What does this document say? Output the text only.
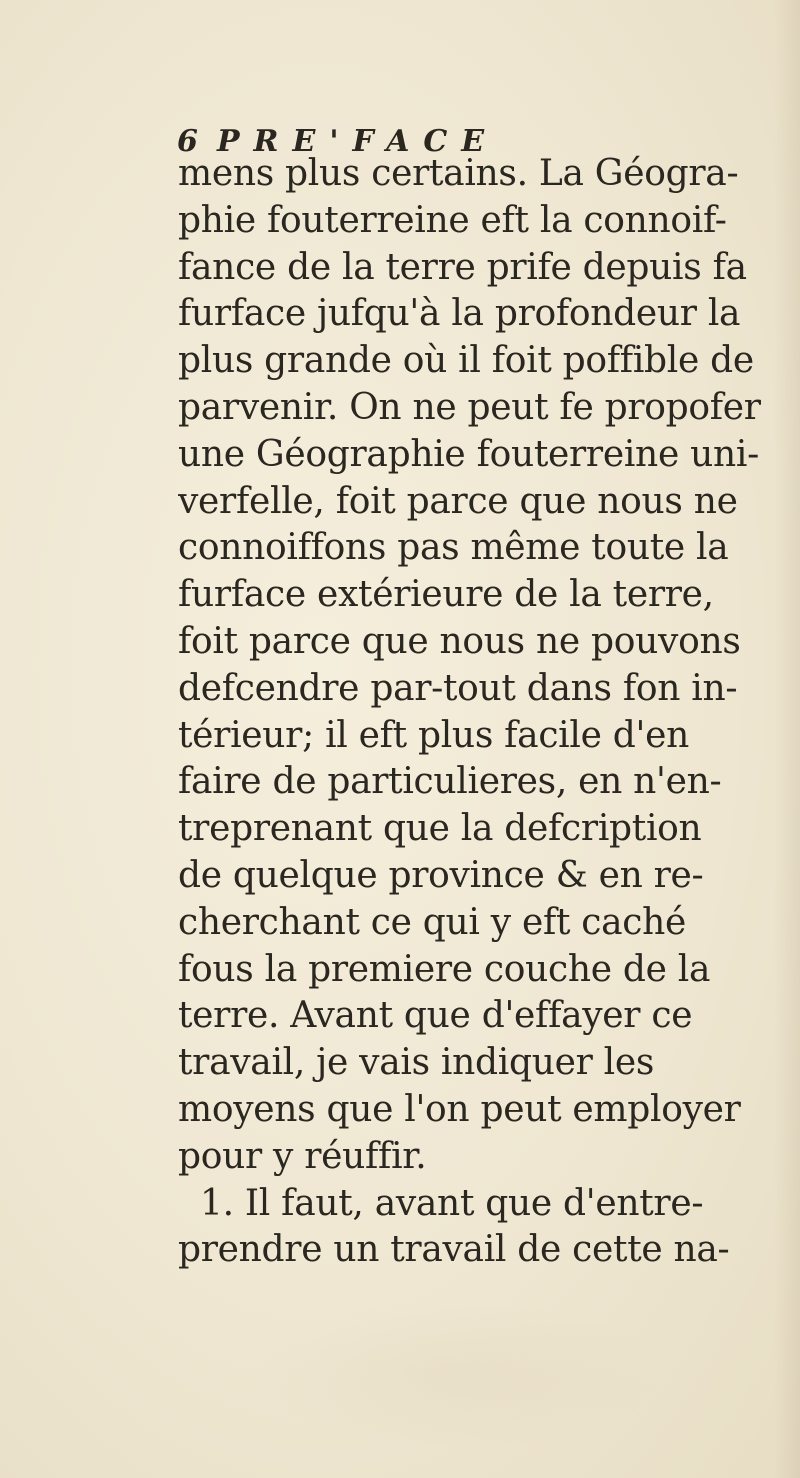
6 PRE'FACE
mens plus certains. La Géogra-
phie fouterreine eft la connoif-
fance de la terre prife depuis fa
furface jufqu'à la profondeur la
plus grande où il foit poffible de
parvenir. On ne peut fe propofer
une Géographie fouterreine uni-
verfelle, foit parce que nous ne
connoiffons pas même toute la
furface extérieure de la terre,
foit parce que nous ne pouvons
defcendre par-tout dans fon in-
térieur; il eft plus facile d'en
faire de particulieres, en n'en-
treprenant que la defcription
de quelque province & en re-
cherchant ce qui y eft caché
fous la premiere couche de la
terre. Avant que d'effayer ce
travail, je vais indiquer les
moyens que l'on peut employer
pour y réuffir.
1. Il faut, avant que d'entre-
prendre un travail de cette na-
